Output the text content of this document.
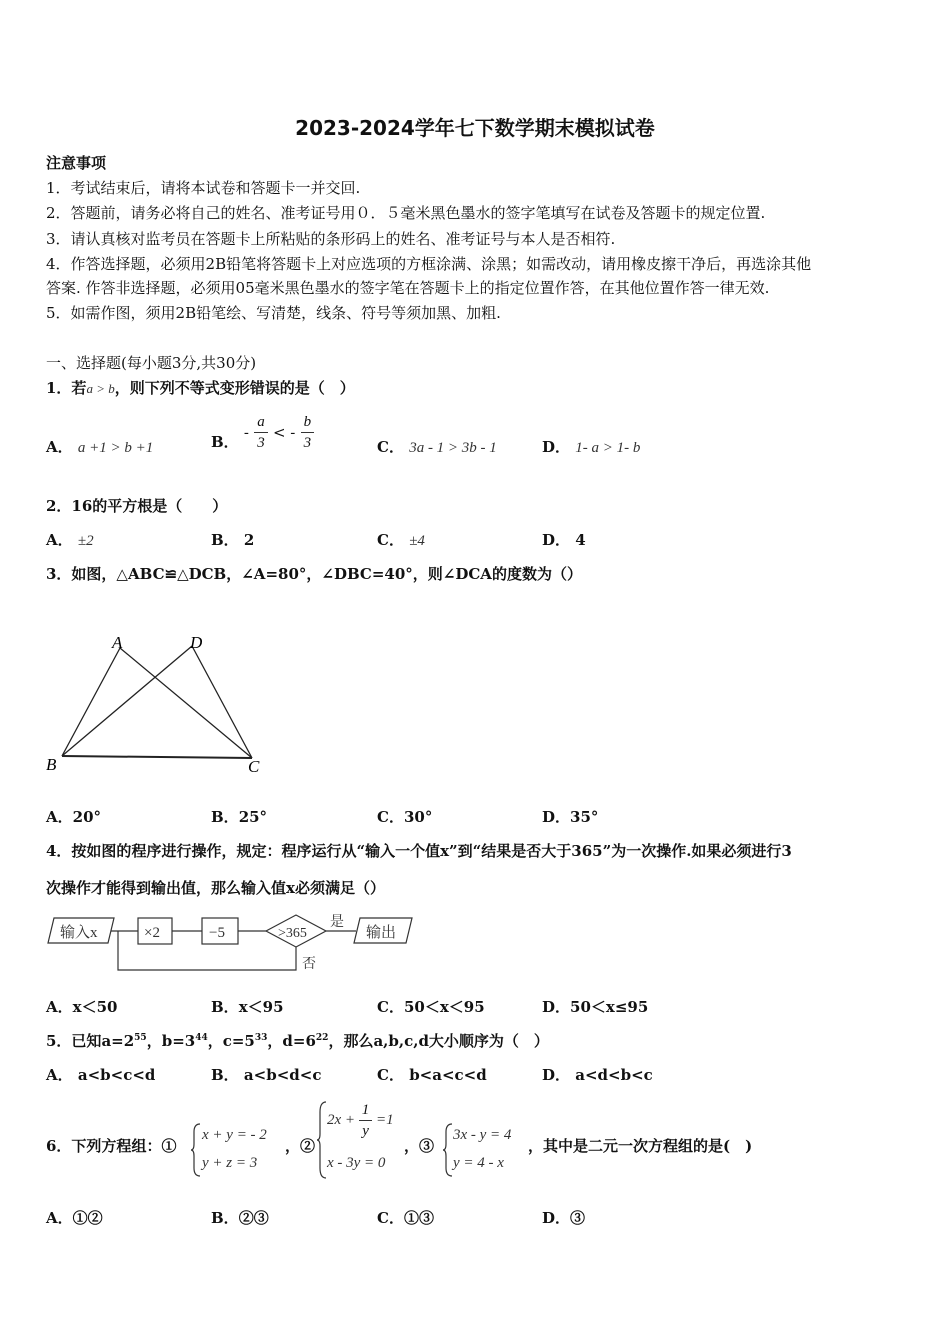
2023-2024学年七下数学期末模拟试卷
注意事项
1．考试结束后，请将本试卷和答题卡一并交回.
2．答题前，请务必将自己的姓名、准考证号用０．５毫米黑色墨水的签字笔填写在试卷及答题卡的规定位置.
3．请认真核对监考员在答题卡上所粘贴的条形码上的姓名、准考证号与本人是否相符.
4．作答选择题，必须用2B铅笔将答题卡上对应选项的方框涂满、涂黑；如需改动，请用橡皮擦干净后，再选涂其他
答案. 作答非选择题，必须用05毫米黑色墨水的签字笔在答题卡上的指定位置作答，在其他位置作答一律无效.
5．如需作图，须用2B铅笔绘、写清楚，线条、符号等须加黑、加粗.
一、选择题(每小题3分,共30分)
1．若a > b，则下列不等式变形错误的是（　）
A． a +1 > b +1	B． - $\frac{a}{3}$ < - $\frac{b}{3}$	C． 3a - 1 > 3b - 1	D． 1- a > 1- b
2．16的平方根是（　　）
A． ±2	B． 2	C． ±4	D． 4
3．如图，△ABC≌△DCB，∠A=80°，∠DBC=40°，则∠DCA的度数为（）
A	D
B	C
A．20°	B．25°	C．30°	D．35°
4．按如图的程序进行操作，规定：程序运行从“输入一个值x”到“结果是否大于365”为一次操作.如果必须进行3
次操作才能得到输出值，那么输入值x必须满足（）
输入x	×2	−5	>365
是
输出
否
A．x＜50	B．x＜95	C．50＜x＜95	D．50＜x≤95
5．已知$a=2^{55}$，$b=3^{44}$，$c=5^{33}$，$d=6^{22}$，那么a,b,c,d大小顺序为（　）
A． a<b<c<d	B． a<b<d<c	C． b<a<c<d	D． a<d<b<c
6．下列方程组：①
x + y = - 2
y + z = 3
，②
$2x + \frac{1}{y} =1$
x - 3y = 0
，③
3x - y = 4
y = 4 - x
，其中是二元一次方程组的是(　)
A．①②	B．②③	C．①③	D．③
